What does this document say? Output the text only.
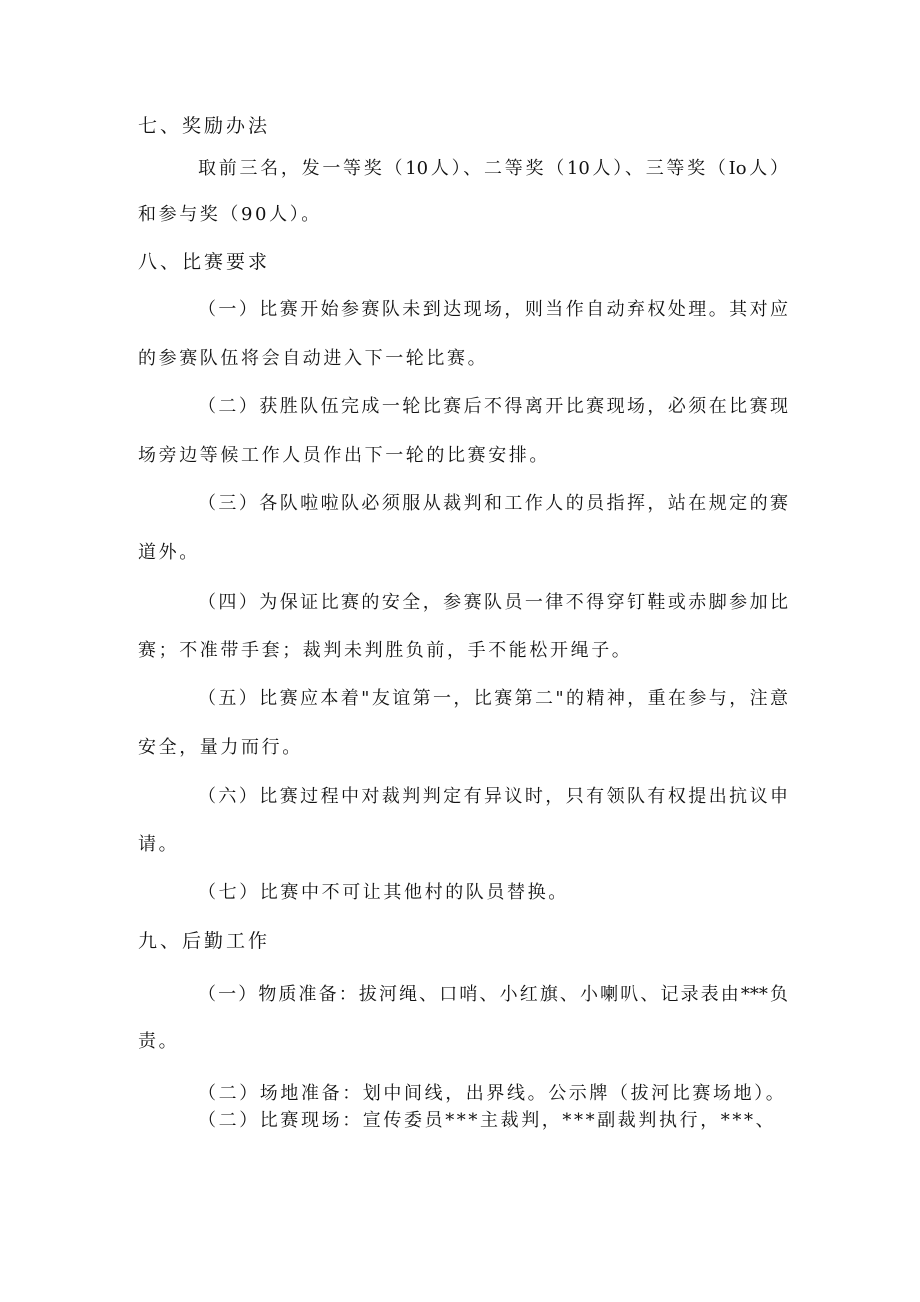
七、奖励办法
取前三名，发一等奖（10人）、二等奖（10人）、三等奖（Io人）
和参与奖（90人）。
八、比赛要求
（一）比赛开始参赛队未到达现场，则当作自动弃权处理。其对应
的参赛队伍将会自动进入下一轮比赛。
（二）获胜队伍完成一轮比赛后不得离开比赛现场，必须在比赛现
场旁边等候工作人员作出下一轮的比赛安排。
（三）各队啦啦队必须服从裁判和工作人的员指挥，站在规定的赛
道外。
（四）为保证比赛的安全，参赛队员一律不得穿钉鞋或赤脚参加比
赛；不准带手套；裁判未判胜负前，手不能松开绳子。
（五）比赛应本着"友谊第一，比赛第二"的精神，重在参与，注意
安全，量力而行。
（六）比赛过程中对裁判判定有异议时，只有领队有权提出抗议申
请。
（七）比赛中不可让其他村的队员替换。
九、后勤工作
（一）物质准备：拔河绳、口哨、小红旗、小喇叭、记录表由***负
责。
（二）场地准备：划中间线，出界线。公示牌（拔河比赛场地）。
（二）比赛现场：宣传委员***主裁判，***副裁判执行，***、
